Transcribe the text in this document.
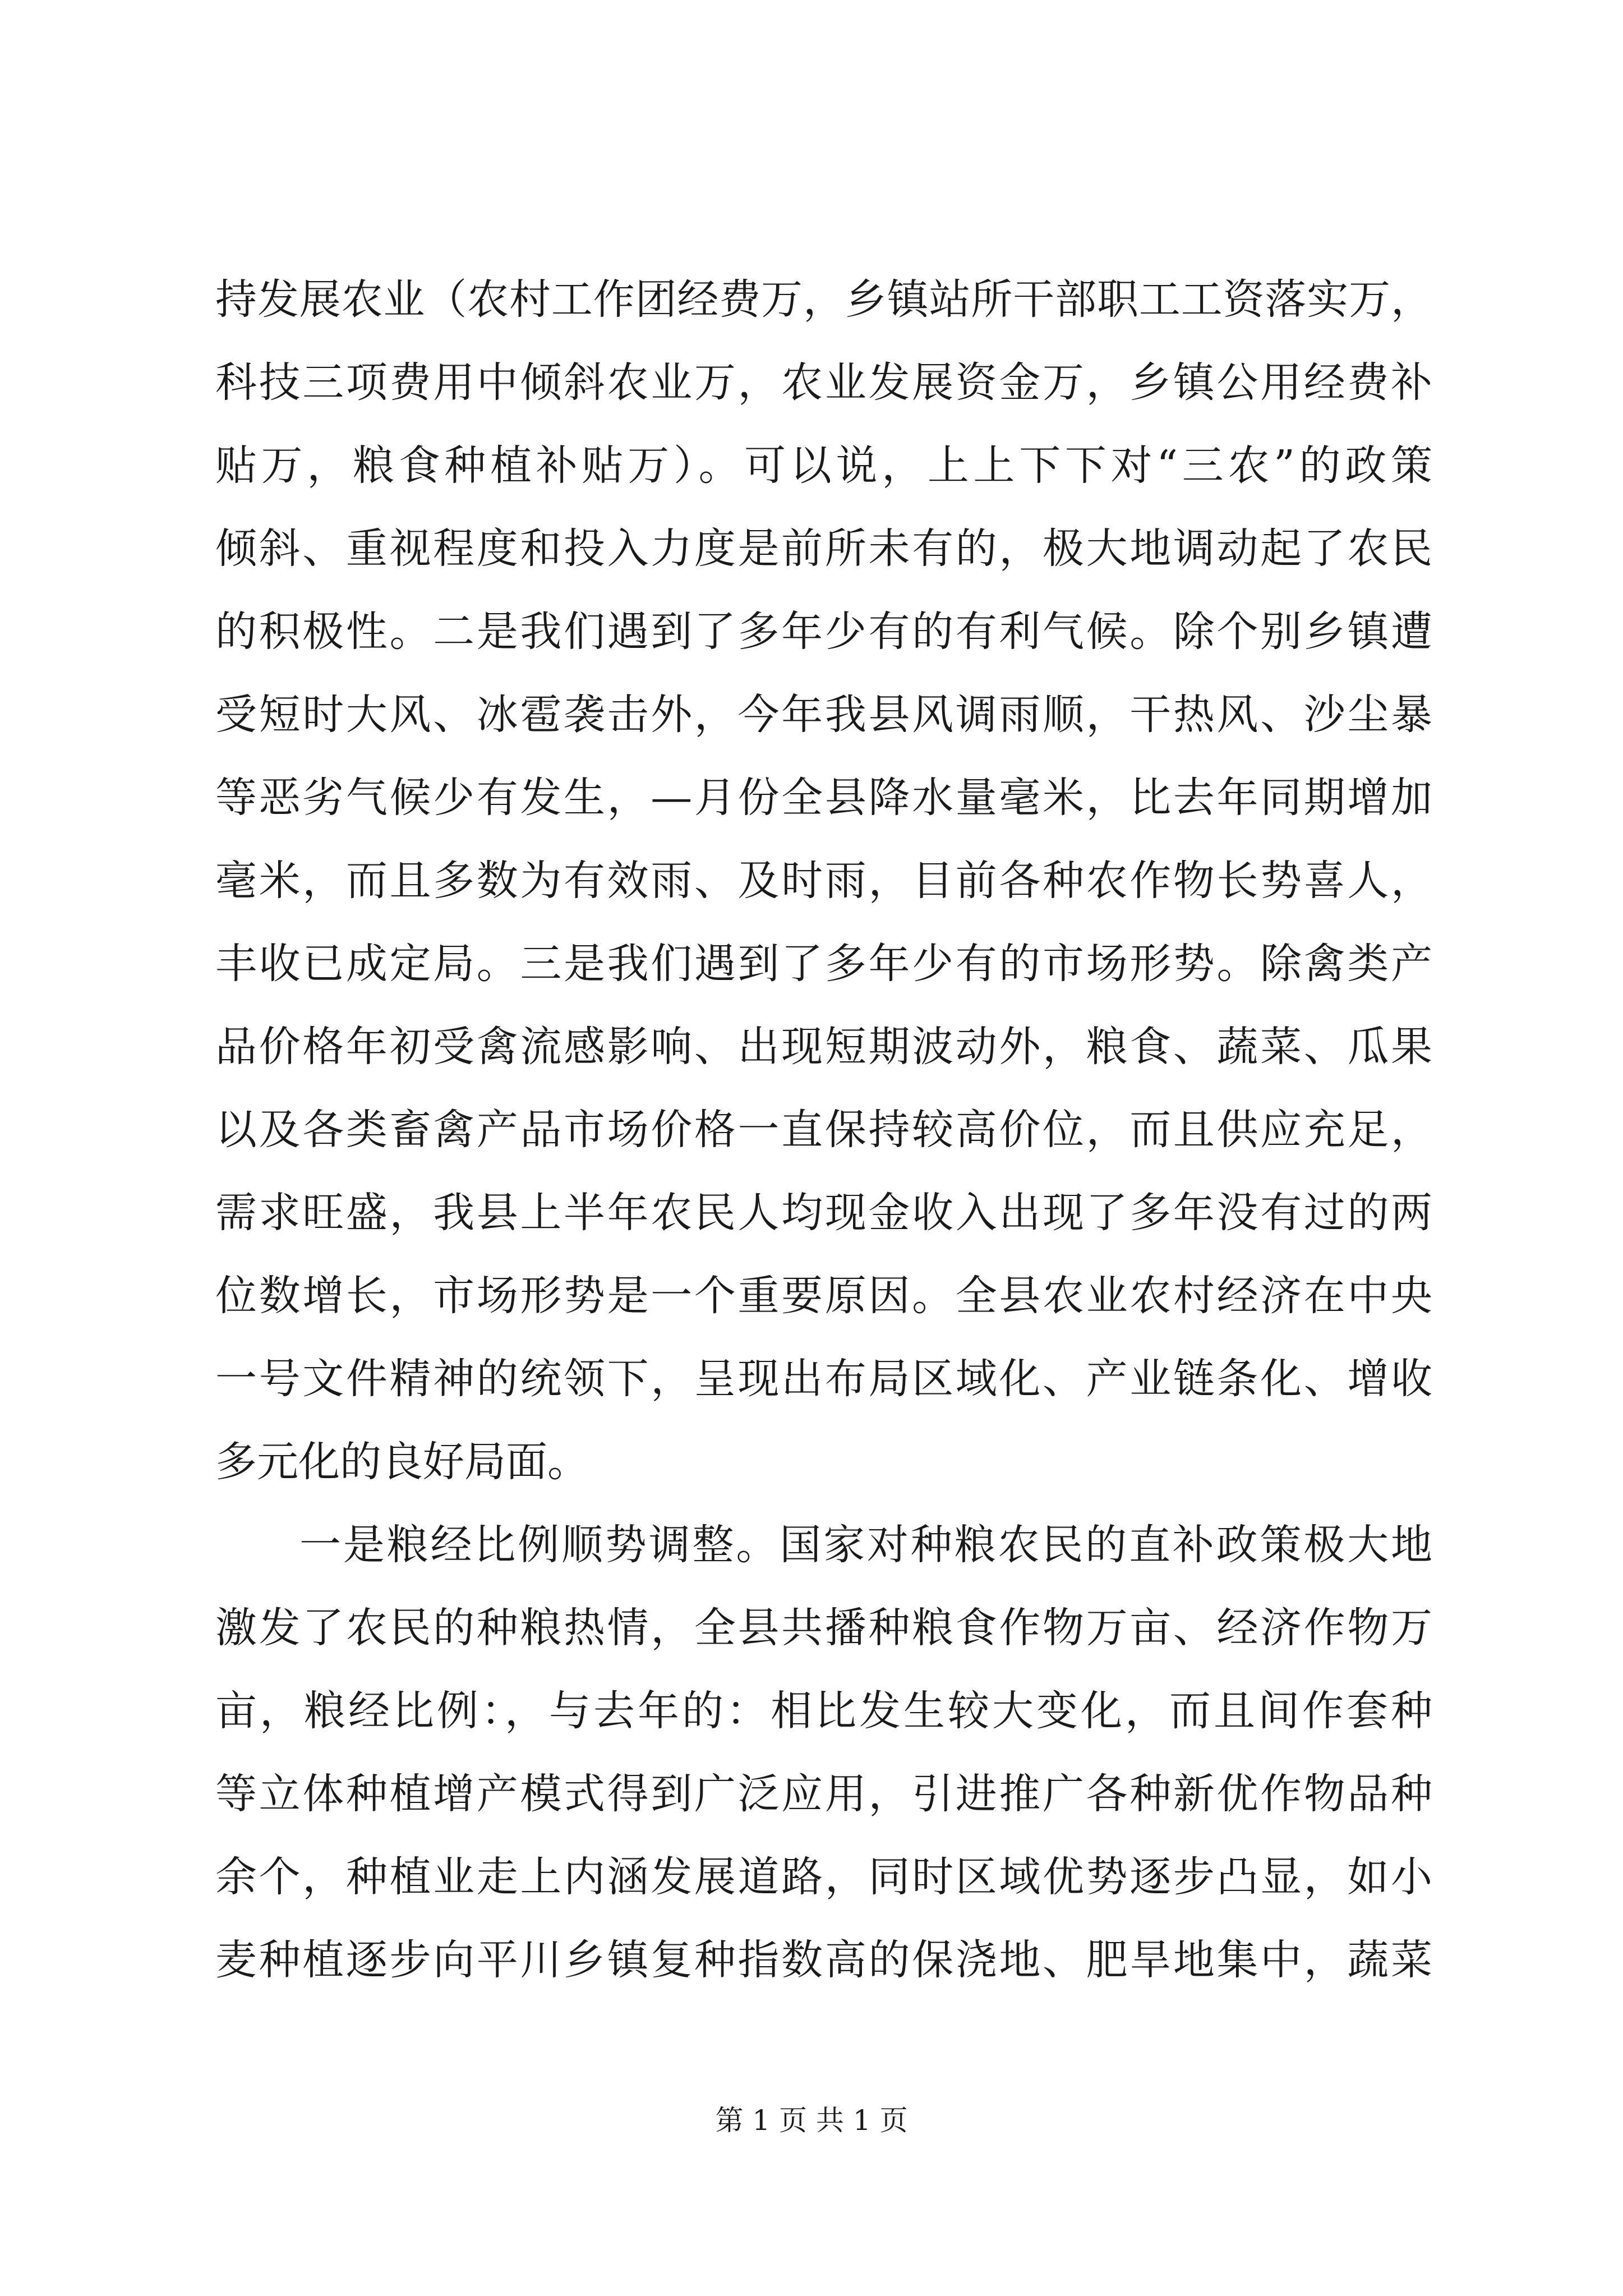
持发展农业（农村工作团经费万，乡镇站所干部职工工资落实万，
科技三项费用中倾斜农业万，农业发展资金万，乡镇公用经费补
贴万，粮食种植补贴万）。可以说，上上下下对“三农”的政策
倾斜、重视程度和投入力度是前所未有的，极大地调动起了农民
的积极性。二是我们遇到了多年少有的有利气候。除个别乡镇遭
受短时大风、冰雹袭击外，今年我县风调雨顺，干热风、沙尘暴
等恶劣气候少有发生，—月份全县降水量毫米，比去年同期增加
毫米，而且多数为有效雨、及时雨，目前各种农作物长势喜人，
丰收已成定局。三是我们遇到了多年少有的市场形势。除禽类产
品价格年初受禽流感影响、出现短期波动外，粮食、蔬菜、瓜果
以及各类畜禽产品市场价格一直保持较高价位，而且供应充足，
需求旺盛，我县上半年农民人均现金收入出现了多年没有过的两
位数增长，市场形势是一个重要原因。全县农业农村经济在中央
一号文件精神的统领下，呈现出布局区域化、产业链条化、增收
多元化的良好局面。
一是粮经比例顺势调整。国家对种粮农民的直补政策极大地
激发了农民的种粮热情，全县共播种粮食作物万亩、经济作物万
亩，粮经比例：，与去年的：相比发生较大变化，而且间作套种
等立体种植增产模式得到广泛应用，引进推广各种新优作物品种
余个，种植业走上内涵发展道路，同时区域优势逐步凸显，如小
麦种植逐步向平川乡镇复种指数高的保浇地、肥旱地集中，蔬菜
第 1 页 共 1 页
